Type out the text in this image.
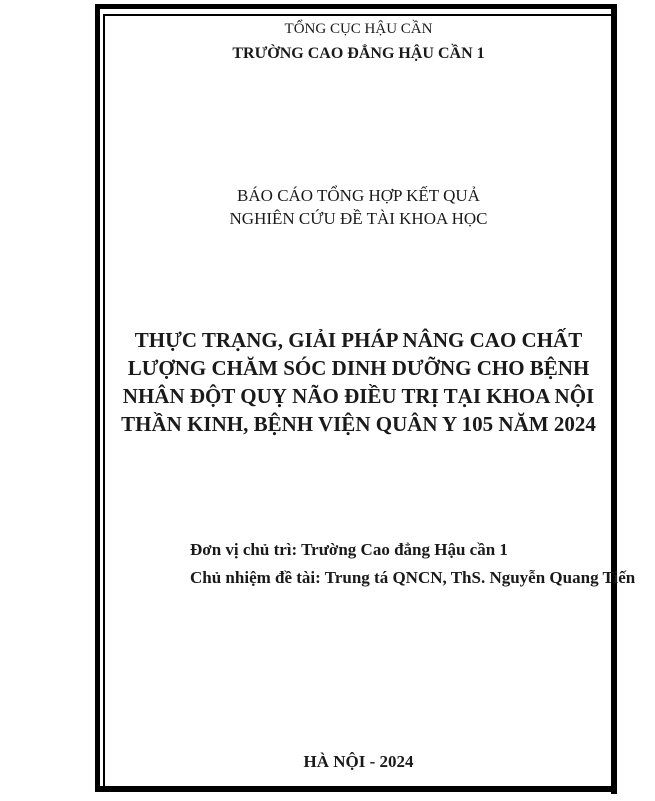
TỔNG CỤC HẬU CẦN
TRƯỜNG CAO ĐẲNG HẬU CẦN 1
BÁO CÁO TỔNG HỢP KẾT QUẢ
NGHIÊN CỨU ĐỀ TÀI KHOA HỌC
THỰC TRẠNG, GIẢI PHÁP NÂNG CAO CHẤT
LƯỢNG CHĂM SÓC DINH DƯỠNG CHO BỆNH
NHÂN ĐỘT QUỴ NÃO ĐIỀU TRỊ TẠI KHOA NỘI
THẦN KINH, BỆNH VIỆN QUÂN Y 105 NĂM 2024
Đơn vị chủ trì: Trường Cao đẳng Hậu cần 1
Chủ nhiệm đề tài: Trung tá QNCN, ThS. Nguyễn Quang Tiến
HÀ NỘI - 2024
